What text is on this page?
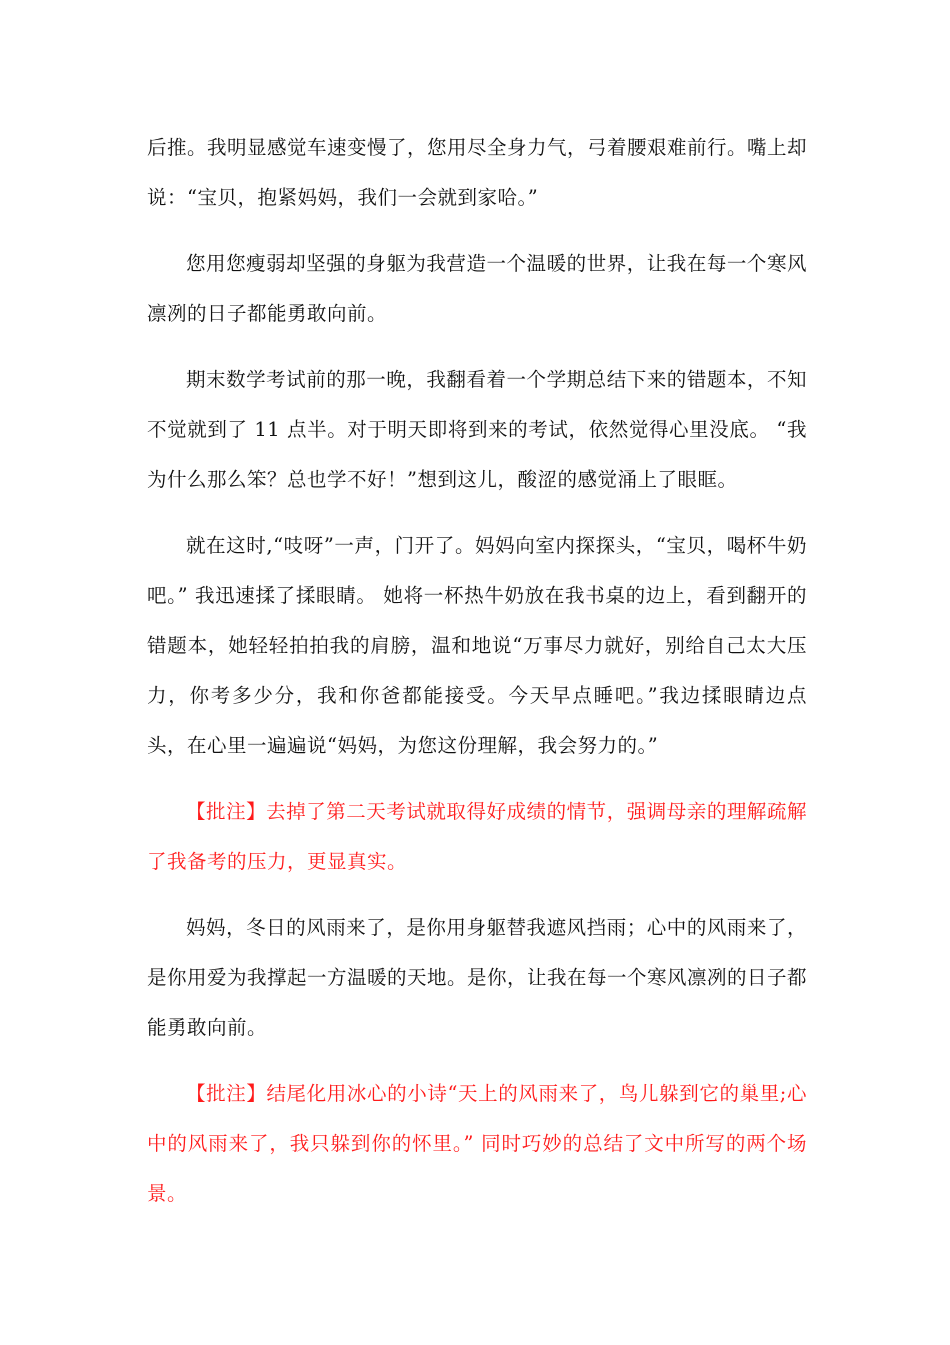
后推。我明显感觉车速变慢了，您用尽全身力气，弓着腰艰难前行。嘴上却说：“宝贝，抱紧妈妈，我们一会就到家哈。”

您用您瘦弱却坚强的身躯为我营造一个温暖的世界，让我在每一个寒风凛冽的日子都能勇敢向前。

期末数学考试前的那一晚，我翻看着一个学期总结下来的错题本，不知不觉就到了 11 点半。对于明天即将到来的考试，依然觉得心里没底。 “我为什么那么笨？总也学不好！”想到这儿，酸涩的感觉涌上了眼眶。

就在这时,“吱呀”一声，门开了。妈妈向室内探探头，“宝贝，喝杯牛奶吧。” 我迅速揉了揉眼睛。 她将一杯热牛奶放在我书桌的边上，看到翻开的错题本，她轻轻拍拍我的肩膀，温和地说“万事尽力就好，别给自己太大压力，你考多少分，我和你爸都能接受。今天早点睡吧。”我边揉眼睛边点头，在心里一遍遍说“妈妈，为您这份理解，我会努力的。”

【批注】去掉了第二天考试就取得好成绩的情节，强调母亲的理解疏解了我备考的压力，更显真实。

妈妈，冬日的风雨来了，是你用身躯替我遮风挡雨；心中的风雨来了，是你用爱为我撑起一方温暖的天地。是你，让我在每一个寒风凛冽的日子都能勇敢向前。

【批注】结尾化用冰心的小诗“天上的风雨来了，鸟儿躲到它的巢里;心中的风雨来了，我只躲到你的怀里。” 同时巧妙的总结了文中所写的两个场景。
